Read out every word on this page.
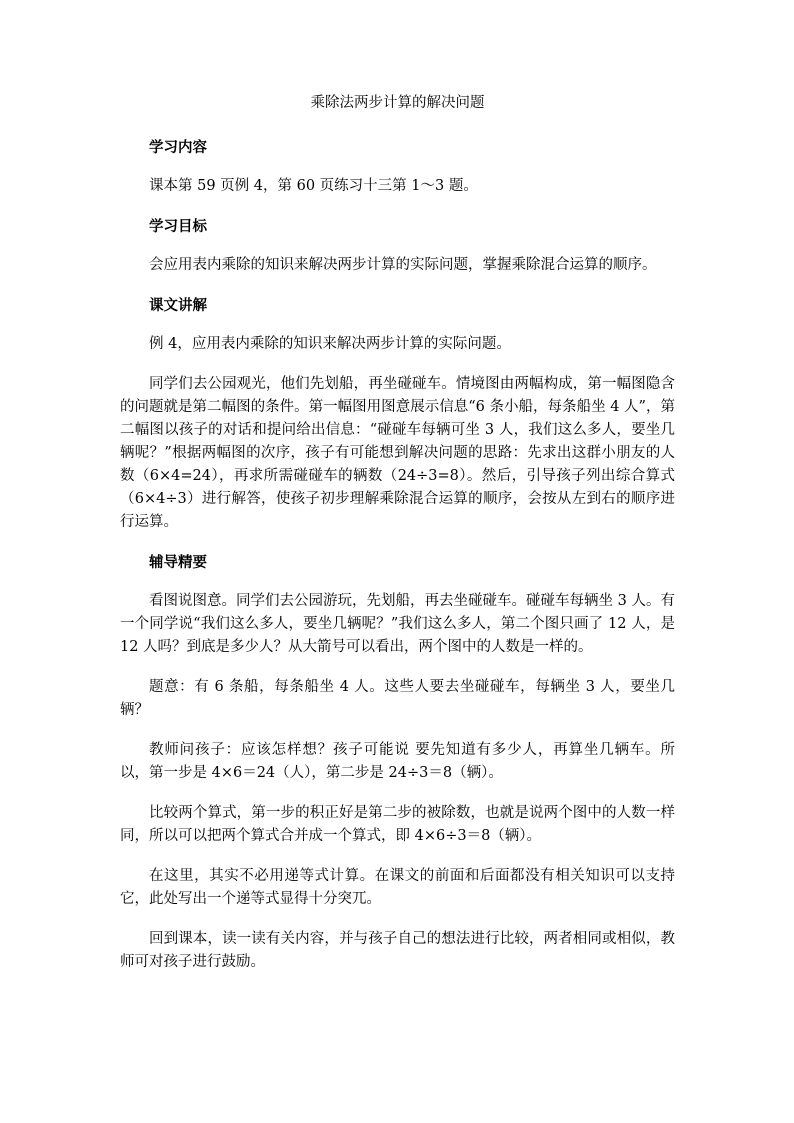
乘除法两步计算的解决问题
学习内容
课本第 59 页例 4，第 60 页练习十三第 1～3 题。
学习目标
会应用表内乘除的知识来解决两步计算的实际问题，掌握乘除混合运算的顺序。
课文讲解
例 4，应用表内乘除的知识来解决两步计算的实际问题。
同学们去公园观光，他们先划船，再坐碰碰车。情境图由两幅构成，第一幅图隐含的问题就是第二幅图的条件。第一幅图用图意展示信息“6 条小船，每条船坐 4 人”，第二幅图以孩子的对话和提问给出信息：“碰碰车每辆可坐 3 人，我们这么多人，要坐几辆呢？”根据两幅图的次序，孩子有可能想到解决问题的思路：先求出这群小朋友的人数（6×4=24），再求所需碰碰车的辆数（24÷3=8）。然后，引导孩子列出综合算式（6×4÷3）进行解答，使孩子初步理解乘除混合运算的顺序，会按从左到右的顺序进行运算。
辅导精要
看图说图意。同学们去公园游玩，先划船，再去坐碰碰车。碰碰车每辆坐 3 人。有一个同学说“我们这么多人，要坐几辆呢？”我们这么多人，第二个图只画了 12 人，是 12 人吗？到底是多少人？从大箭号可以看出，两个图中的人数是一样的。
题意：有 6 条船，每条船坐 4 人。这些人要去坐碰碰车，每辆坐 3 人，要坐几辆？
教师问孩子：应该怎样想？孩子可能说 要先知道有多少人，再算坐几辆车。所以，第一步是 4×6＝24（人），第二步是 24÷3＝8（辆）。
比较两个算式，第一步的积正好是第二步的被除数，也就是说两个图中的人数一样同，所以可以把两个算式合并成一个算式，即 4×6÷3＝8（辆）。
在这里，其实不必用递等式计算。在课文的前面和后面都没有相关知识可以支持它，此处写出一个递等式显得十分突兀。
回到课本，读一读有关内容，并与孩子自己的想法进行比较，两者相同或相似，教师可对孩子进行鼓励。
